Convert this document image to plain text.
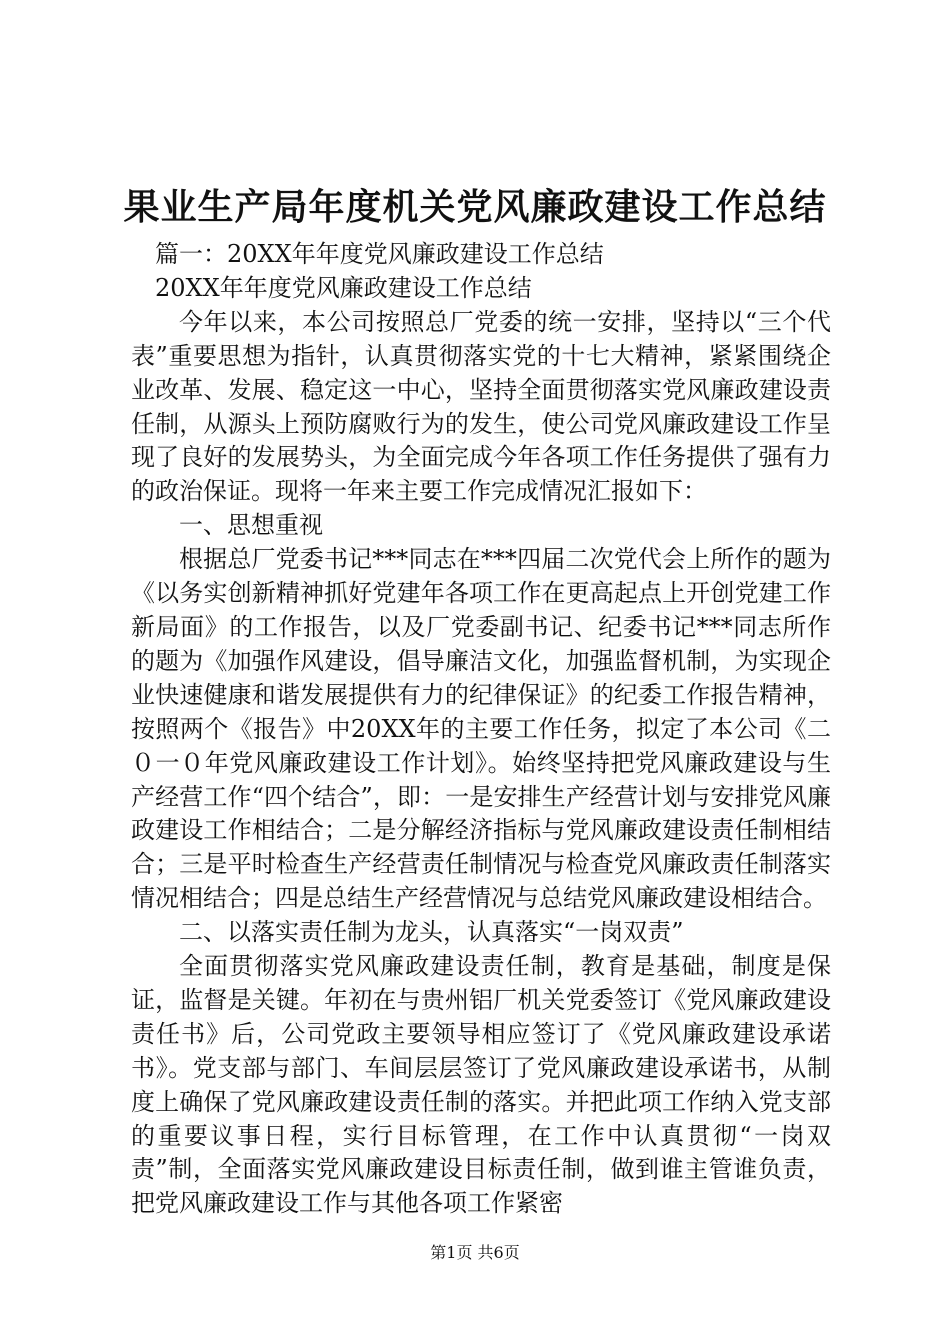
果业生产局年度机关党风廉政建设工作总结

篇一：20XX年年度党风廉政建设工作总结

20XX年年度党风廉政建设工作总结

今年以来，本公司按照总厂党委的统一安排，坚持以“三个代表”重要思想为指针，认真贯彻落实党的十七大精神，紧紧围绕企业改革、发展、稳定这一中心，坚持全面贯彻落实党风廉政建设责任制，从源头上预防腐败行为的发生，使公司党风廉政建设工作呈现了良好的发展势头，为全面完成今年各项工作任务提供了强有力的政治保证。现将一年来主要工作完成情况汇报如下：

一、思想重视

根据总厂党委书记***同志在***四届二次党代会上所作的题为《以务实创新精神抓好党建年各项工作在更高起点上开创党建工作新局面》的工作报告，以及厂党委副书记、纪委书记***同志所作的题为《加强作风建设，倡导廉洁文化，加强监督机制，为实现企业快速健康和谐发展提供有力的纪律保证》的纪委工作报告精神，按照两个《报告》中20XX年的主要工作任务，拟定了本公司《二０一０年党风廉政建设工作计划》。始终坚持把党风廉政建设与生产经营工作“四个结合”，即：一是安排生产经营计划与安排党风廉政建设工作相结合；二是分解经济指标与党风廉政建设责任制相结合；三是平时检查生产经营责任制情况与检查党风廉政责任制落实情况相结合；四是总结生产经营情况与总结党风廉政建设相结合。

二、以落实责任制为龙头，认真落实“一岗双责”

全面贯彻落实党风廉政建设责任制，教育是基础，制度是保证，监督是关键。年初在与贵州铝厂机关党委签订《党风廉政建设责任书》后，公司党政主要领导相应签订了《党风廉政建设承诺书》。党支部与部门、车间层层签订了党风廉政建设承诺书，从制度上确保了党风廉政建设责任制的落实。并把此项工作纳入党支部的重要议事日程，实行目标管理，在工作中认真贯彻“一岗双责”制，全面落实党风廉政建设目标责任制，做到谁主管谁负责，把党风廉政建设工作与其他各项工作紧密

第1页 共6页
